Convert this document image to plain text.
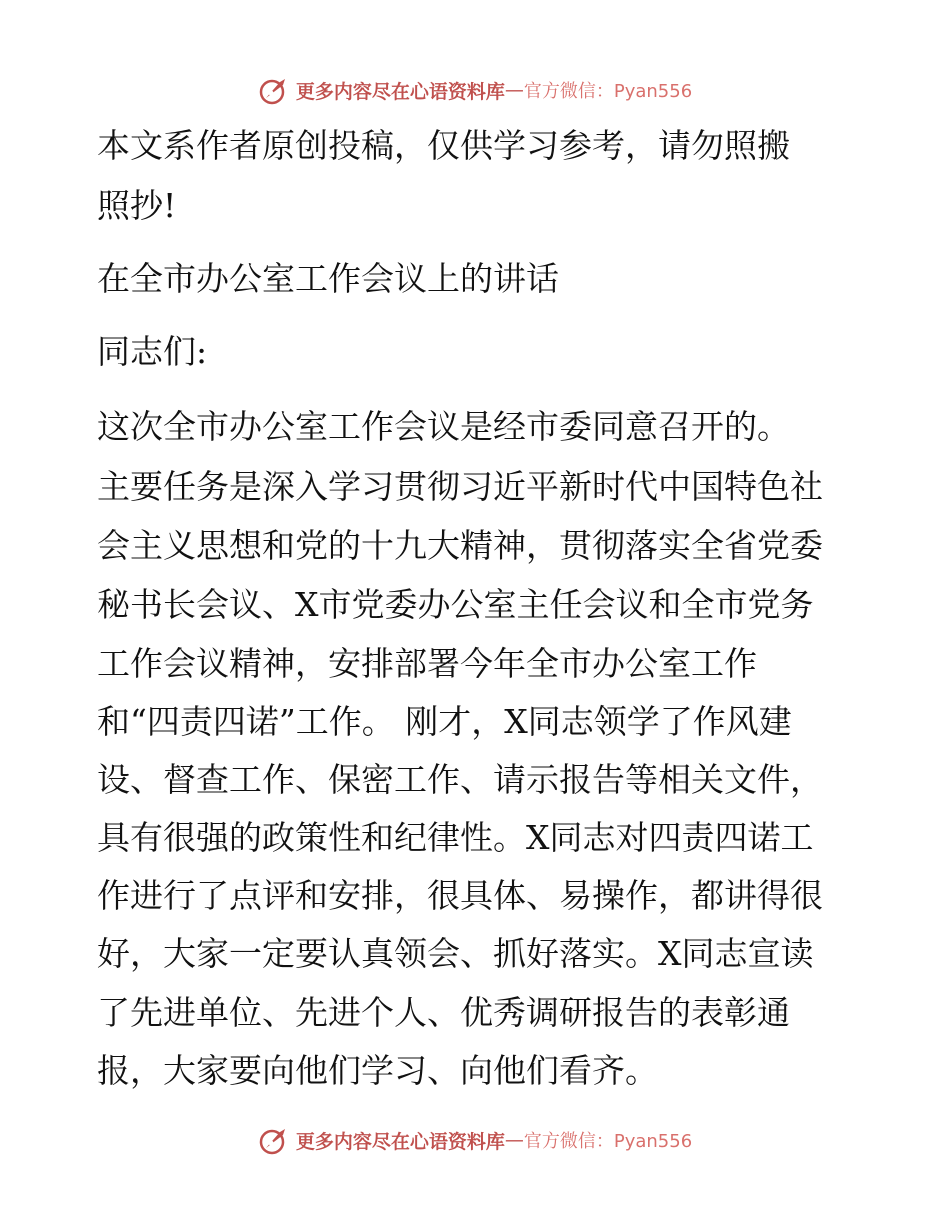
更多内容尽在心语资料库 — 官方微信：Pyan556

本文系作者原创投稿，仅供学习参考，请勿照搬

照抄!

在全市办公室工作会议上的讲话

同志们:

这次全市办公室工作会议是经市委同意召开的。

主要任务是深入学习贯彻习近平新时代中国特色社

会主义思想和党的十九大精神，贯彻落实全省党委

秘书长会议、X市党委办公室主任会议和全市党务

工作会议精神，安排部署今年全市办公室工作

和“四责四诺”工作。 刚才，X同志领学了作风建

设、督查工作、保密工作、请示报告等相关文件，

具有很强的政策性和纪律性。X同志对四责四诺工

作进行了点评和安排，很具体、易操作，都讲得很

好，大家一定要认真领会、抓好落实。X同志宣读

了先进单位、先进个人、优秀调研报告的表彰通

报，大家要向他们学习、向他们看齐。

更多内容尽在心语资料库 — 官方微信：Pyan556
